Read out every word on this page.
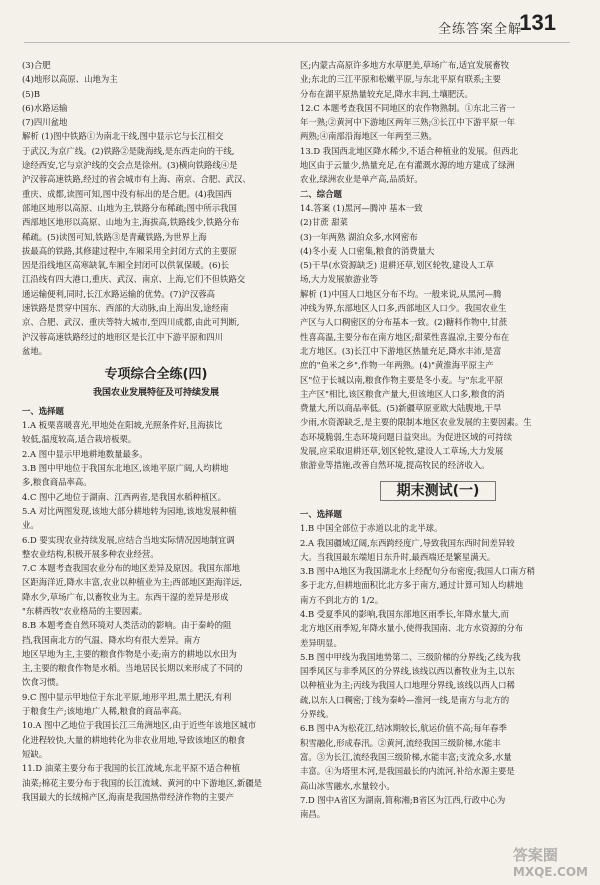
全练答案全解
131
(3)合肥
(4)地形以高原、山地为主
(5)B
(6)水路运输
(7)四川盆地
解析 (1)图中铁路①为南北干线,图中显示它与长江相交
于武汉,为京广线。(2)铁路②是陇海线,是东西走向的干线,
途经西安,它与京沪线的交会点是徐州。(3)横向铁路线④是
沪汉蓉高速铁路,经过的省会城市有上海、南京、合肥、武汉、
重庆、成都,读图可知,图中没有标出的是合肥。(4)我国西
部地区地形以高原、山地为主,铁路分布稀疏;图中所示我国
西部地区地形以高原、山地为主,海拔高,铁路线少,铁路分布
稀疏。(5)读图可知,铁路③是青藏铁路,为世界上海
拔最高的铁路,其修建过程中,车厢采用全封闭方式的主要原
因是沿线地区高寒缺氧,车厢全封闭可以供氧保暖。(6)长
江沿线有四大港口,重庆、武汉、南京、上海,它们不但铁路交
通运输便利,同时,长江水路运输的优势。(7)沪汉蓉高
速铁路是贯穿中国东、西部的大动脉,由上海出发,途经南
京、合肥、武汉、重庆等特大城市,至四川成都,由此可判断,
沪汉蓉高速铁路经过的地形区是长江中下游平原和四川
盆地。
专项综合全练(四)
我国农业发展特征及可持续发展
一、选择题
1.A 板栗喜暖喜光,甲地处在阳坡,光照条件好,且海拔比
较低,温度较高,适合栽培板栗。
2.A 图中显示甲地耕地数量最多。
3.B 图中甲地位于我国东北地区,该地平原广阔,人均耕地
多,粮食商品率高。
4.C 图中乙地位于湖南、江西两省,是我国水稻种植区。
5.A 对比两图发现,该地大部分耕地转为园地,该地发展种植
业。
6.D 要实现农业持续发展,应结合当地实际情况因地制宜调
整农业结构,积极开展多种农业经营。
7.C 本题考查我国农业分布的地区差异及原因。我国东部地
区距海洋近,降水丰富,农业以种植业为主;西部地区距海洋远,
降水少,草场广布,以畜牧业为主。东西干湿的差异是形成
"东耕西牧"农业格局的主要因素。
8.B 本题考查自然环境对人类活动的影响。由于秦岭的阻
挡,我国南北方的气温、降水均有很大差异。南方
地区早地为主,主要的粮食作物是小麦;南方的耕地以水田为
主,主要的粮食作物是水稻。当地居民长期以来形成了不同的
饮食习惯。
9.C 图中显示甲地位于东北平原,地形平坦,黑土肥沃,有利
于粮食生产;该地地广人稀,粮食的商品率高。
10.A 图中乙地位于我国长江三角洲地区,由于近些年该地区城市
化进程较快,大量的耕地转化为非农业用地,导致该地区的粮食
短缺。
11.D 油菜主要分布于我国的长江流域,东北平原不适合种植
油菜;棉花主要分布于我国的长江流域、黄河的中下游地区,新疆是
我国最大的长绒棉产区,海南是我国热带经济作物的主要产
区;内蒙古高原许多地方水草肥美,草场广布,适宜发展畜牧
业;东北的三江平原和松嫩平原,与东北平原有联系;主要
分布在湖平原热量较充足,降水丰润,土壤肥沃。
12.C 本题考查我国不同地区的农作物熟制。①东北三省一
年一熟;②黄河中下游地区两年三熟;③长江中下游平原一年
两熟;④南部沿海地区一年两至三熟。
13.D 我国西北地区降水稀少,不适合种植业的发展。但西北
地区由于云量少,热量充足,在有灌溉水源的地方建成了绿洲
农业,绿洲农业是单产高,品质好。
二、综合题
14.答案 (1)黑河—腾冲 基本一致
(2)甘蔗 甜菜
(3)一年两熟 湖泊众多,水网密布
(4)冬小麦 人口密集,粮食的消费量大
(5)干旱(水资源缺乏) 退耕还草,划区轮牧,建设人工草
场,大力发展旅游业等
解析 (1)中国人口地区分布不均。一般来说,从黑河—腾
冲线为界,东部地区人口多,西部地区人口少。我国农业生
产区与人口稠密区的分布基本一致。(2)糖料作物中,甘蔗
性喜高温,主要分布在南方地区;甜菜性喜温凉,主要分布在
北方地区。(3)长江中下游地区热量充足,降水丰沛,是富
庶的"鱼米之乡",作物一年两熟。(4)"黄淮海平原主产
区"位于长城以南,粮食作物主要是冬小麦。与"东北平原
主产区"相比,该区粮食产量大,但该地区人口多,粮食的消
费量大,所以商品率低。(5)新疆草原亚欧大陆腹地,干旱
少雨,水资源缺乏,是主要的限制本地区农业发展的主要因素。生
态环境脆弱,生态环境问题日益突出。为促进区域的可持续
发展,应采取退耕还草,划区轮牧,建设人工草场,大力发展
旅游业等措施,改善自然环境,提高牧民的经济收入。
期末测试(一)
一、选择题
1.B 中国全部位于赤道以北的北半球。
2.A 我国疆域辽阔,东西跨经度广,导致我国东西时间差异较
大。当我国最东端旭日东升时,最西端还是繁星满天。
3.B 图中A地区为我国湖北水上经配句分布密度;我国人口南方稍
多于北方,但耕地面积比北方多于南方,通过计算可知人均耕地
南方不到北方的 1/2。
4.B 受夏季风的影响,我国东部地区雨季长,年降水量大,而
北方地区雨季短,年降水量小,使得我国南、北方水资源的分布
差异明显。
5.B 图中甲线为我国地势第二、三级阶梯的分界线;乙线为我
国季风区与非季风区的分界线,该线以西以畜牧业为主,以东
以种植业为主;丙线为我国人口地理分界线,该线以西人口稀
疏,以东人口稠密;丁线为秦岭—淮河一线,是南方与北方的
分界线。
6.B 图中A为松花江,结冰期较长,航运价值不高;每年春季
积雪融化,形成春汛。②黄河,流经我国三级阶梯,水能丰
富。③为长江,流经我国三级阶梯,水能丰富;支流众多,水量
丰富。④为塔里木河,是我国最长的内流河,补给水源主要是
高山冰雪融水,水量较小。
7.D 图中A省区为湖南,简称湘;B省区为江西,行政中心为
南昌。
答案圈
MXQE.COM
